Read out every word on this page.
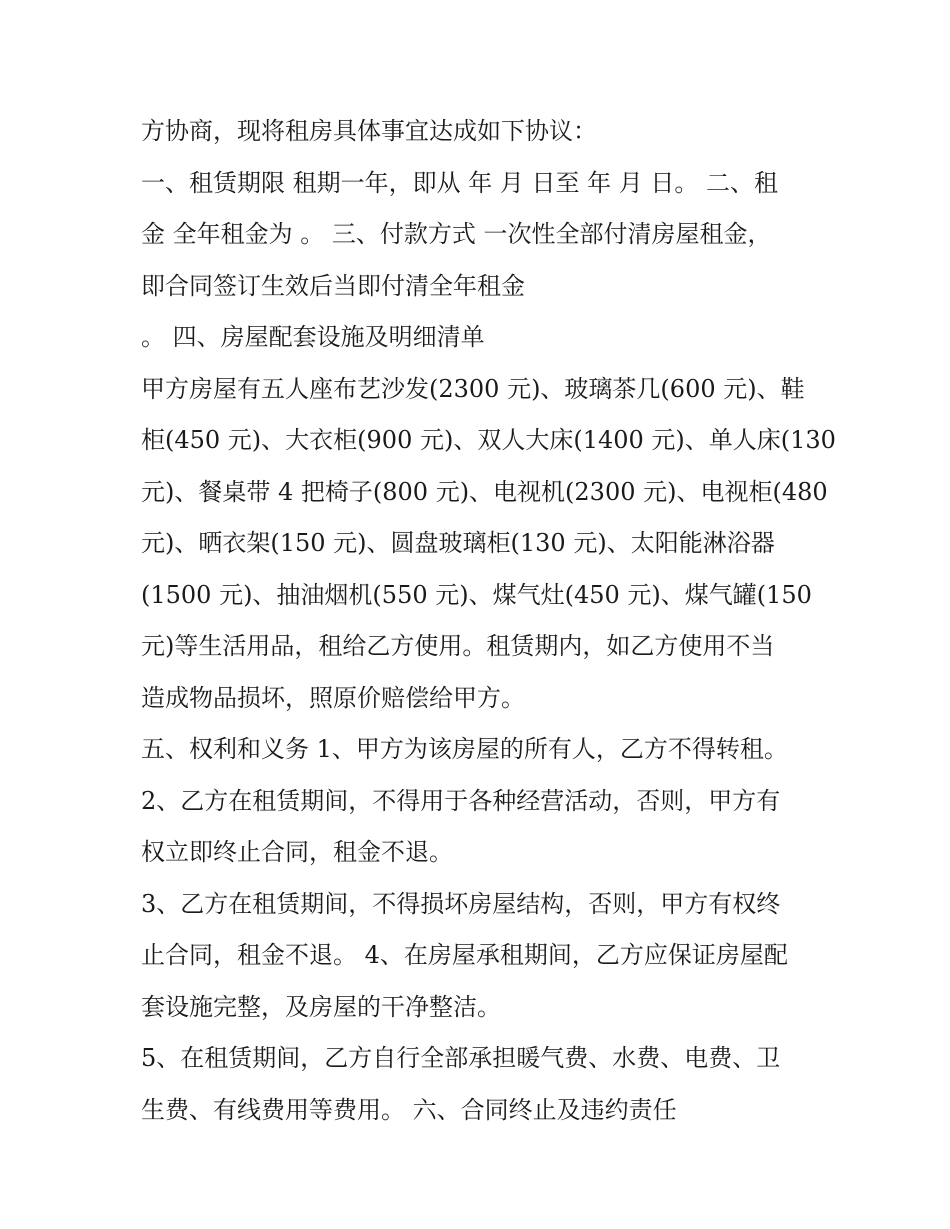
方协商，现将租房具体事宜达成如下协议：
一、租赁期限 租期一年，即从 年 月 日至 年 月 日。 二、租
金 全年租金为 。 三、付款方式 一次性全部付清房屋租金，
即合同签订生效后当即付清全年租金
。 四、房屋配套设施及明细清单
甲方房屋有五人座布艺沙发(2300 元)、玻璃茶几(600 元)、鞋
柜(450 元)、大衣柜(900 元)、双人大床(1400 元)、单人床(130
元)、餐桌带 4 把椅子(800 元)、电视机(2300 元)、电视柜(480
元)、晒衣架(150 元)、圆盘玻璃柜(130 元)、太阳能淋浴器
(1500 元)、抽油烟机(550 元)、煤气灶(450 元)、煤气罐(150
元)等生活用品，租给乙方使用。租赁期内，如乙方使用不当
造成物品损坏，照原价赔偿给甲方。
五、权利和义务 1、甲方为该房屋的所有人，乙方不得转租。
2、乙方在租赁期间，不得用于各种经营活动，否则，甲方有
权立即终止合同，租金不退。
3、乙方在租赁期间，不得损坏房屋结构，否则，甲方有权终
止合同，租金不退。 4、在房屋承租期间，乙方应保证房屋配
套设施完整，及房屋的干净整洁。
5、在租赁期间，乙方自行全部承担暖气费、水费、电费、卫
生费、有线费用等费用。 六、合同终止及违约责任
